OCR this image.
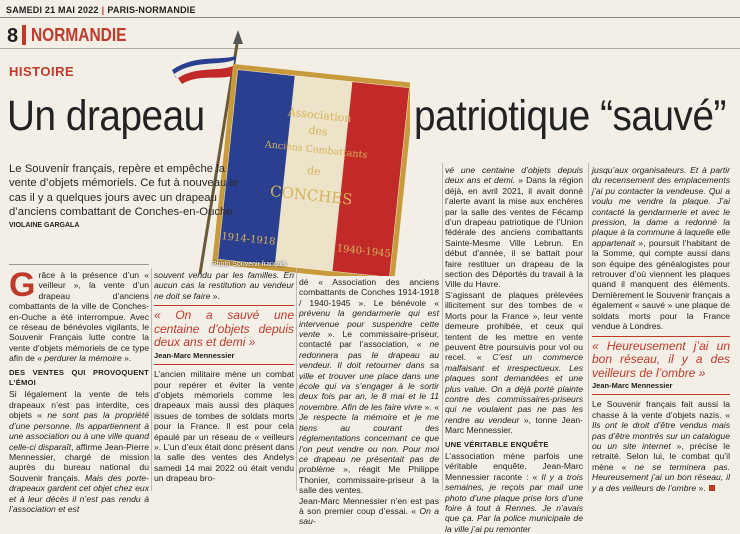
SAMEDI 21 MAI 2022 | PARIS-NORMANDIE
8 NORMANDIE
Association
des
Anciens Combattants
de
CONCHES
1914-1918
1940-1945
Photo Souvenir français
HISTOIRE
Un drapeau	patriotique “sauvé”
Le Souvenir français, repère et empêche la vente d’objets mémoriels. Ce fut à nouveau le cas il y a quelques jours avec un drapeau d’anciens combattant de Conches-en-Ouche.
VIOLAINE GARGALA

Grâce à la présence d’un « veilleur », la vente d’un drapeau d’anciens combattants de la ville de Conches-en-Ouche a été interrompue. Avec ce réseau de bénévoles vigilants, le Souvenir Français lutte contre la vente d’objets mémoriels de ce type afin de « perdurer la mémoire ».

DES VENTES QUI PROVOQUENT L’ÉMOI

Si légalement la vente de tels drapeaux n’est pas interdite, ces objets « ne sont pas la propriété d’une personne. Ils appartiennent à une association ou à une ville quand celle-ci disparaît, affirme Jean-Pierre Mennessier, chargé de mission auprès du bureau national du Souvenir français. Mais des porte-drapeaux gardent cet objet chez eux et à leur décès il n’est pas rendu à l’association et est

souvent vendu par les familles. En aucun cas la restitution au vendeur ne doit se faire ».

« On a sauvé une centaine d’objets depuis deux ans et demi »
Jean-Marc Mennessier

L’ancien militaire mène un combat pour repérer et éviter la vente d’objets mémoriels comme les drapeaux mais aussi des plaques issues de tombes de soldats morts pour la France. Il est pour cela épaulé par un réseau de « veilleurs ». L’un d’eux était donc présent dans la salle des ventes des Andelys samedi 14 mai 2022 où était vendu un drapeau bro-

dé « Association des anciens combattants de Conches 1914-1918 / 1940-1945 ». Le bénévole « prévenu la gendarmerie qui est intervenue pour suspendre cette vente ». Le commissaire-priseur, contacté par l’association, « ne redonnera pas le drapeau au vendeur. Il doit retourner dans sa ville et trouver une place dans une école qui va s’engager à le sortir deux fois par an, le 8 mai et le 11 novembre. Afin de les faire vivre ». « Je respecte la mémoire et je me tiens au courant des réglementations concernant ce que l’on peut vendre ou non. Pour moi ce drapeau ne présentait pas de problème », réagit Me Philippe Thonier, commissaire-priseur à la salle des ventes.

Jean-Marc Mennessier n’en est pas à son premier coup d’essai. « On a sau-

vé une centaine d’objets depuis deux ans et demi. » Dans la région déjà, en avril 2021, il avait donné l’alerte avant la mise aux enchères par la salle des ventes de Fécamp d’un drapeau patriotique de l’Union fédérale des anciens combattants Sainte-Mesme Ville Lebrun. En début d’année, il se battait pour faire restituer un drapeau de la section des Déportés du travail à la Ville du Havre.

S’agissant de plaques prélevées illicitement sur des tombes de « Morts pour la France », leur vente demeure prohibée, et ceux qui tentent de les mettre en vente peuvent être poursuivis pour vol ou recel. « C’est un commerce malfaisant et irrespectueux. Les plaques sont demandées et une plus value. On a déjà porté plainte contre des commissaires-priseurs qui ne voulaient pas ne pas les rendre au vendeur », tonne Jean-Marc Mennessier.

UNE VÉRITABLE ENQUÊTE

L’association mène parfois une véritable enquête. Jean-Marc Mennessier raconte : « Il y a trois semaines, je reçois par mail une photo d’une plaque prise lors d’une foire à tout à Rennes. Je n’avais que ça. Par la police municipale de la ville j’ai pu remonter

jusqu’aux organisateurs. Et à partir du recensement des emplacements j’ai pu contacter la vendeuse. Qui a voulu me vendre la plaque. J’ai contacté la gendarmerie et avec le pression, la dame a redonné la plaque à la commune à laquelle elle appartenait », poursuit l’habitant de la Somme, qui compte aussi dans son équipe des généalogistes pour retrouver d’où viennent les plaques quand il manquent des éléments. Dernièrement le Souvenir français a également « sauvé » une plaque de soldats morts pour la France vendue à Londres.

« Heureusement j’ai un bon réseau, il y a des veilleurs de l’ombre »
Jean-Marc Mennessier

Le Souvenir français fait aussi la chasse à la vente d’objets nazis. « Ils ont le droit d’être vendus mais pas d’être montrés sur un catalogue ou un site internet », précise le retraité. Selon lui, le combat qu’il mène « ne se terminera pas. Heureusement j’ai un bon réseau, il y a des veilleurs de l’ombre ».
